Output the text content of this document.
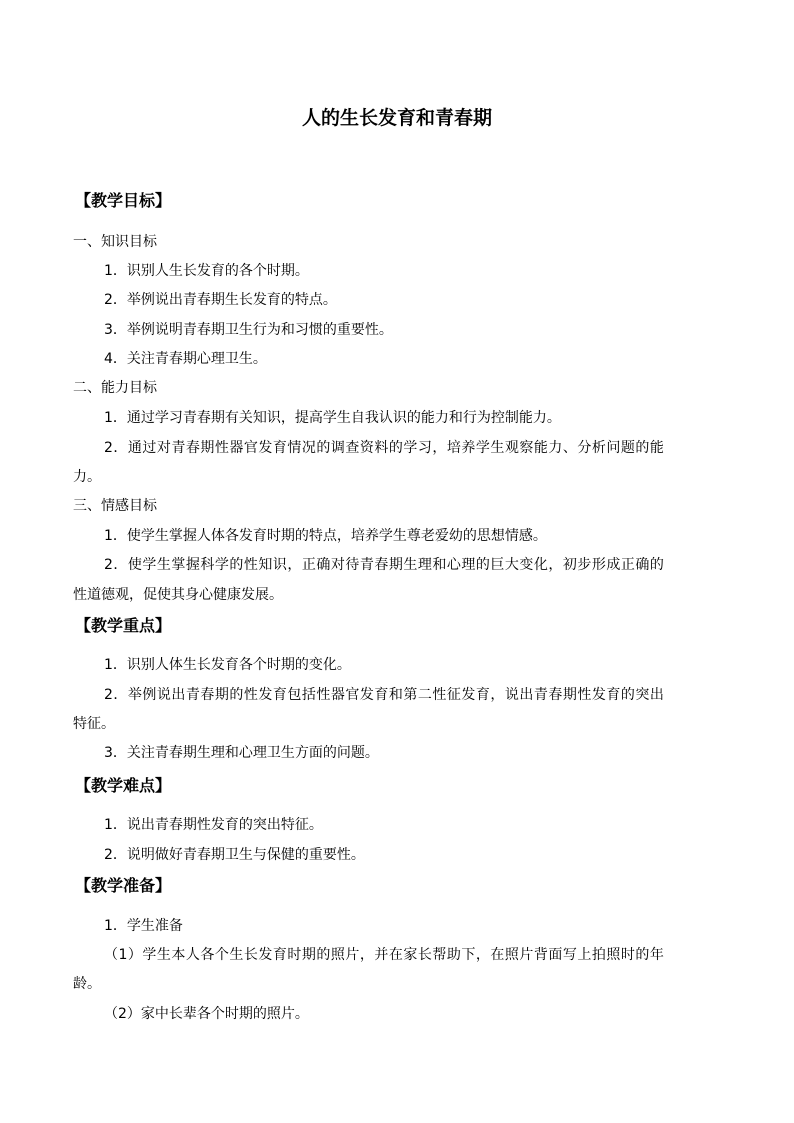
人的生长发育和青春期
【教学目标】
一、知识目标
1．识别人生长发育的各个时期。
2．举例说出青春期生长发育的特点。
3．举例说明青春期卫生行为和习惯的重要性。
4．关注青春期心理卫生。
二、能力目标
1．通过学习青春期有关知识，提高学生自我认识的能力和行为控制能力。
2．通过对青春期性器官发育情况的调查资料的学习，培养学生观察能力、分析问题的能
力。
三、情感目标
1．使学生掌握人体各发育时期的特点，培养学生尊老爱幼的思想情感。
2．使学生掌握科学的性知识，正确对待青春期生理和心理的巨大变化，初步形成正确的
性道德观，促使其身心健康发展。
【教学重点】
1．识别人体生长发育各个时期的变化。
2．举例说出青春期的性发育包括性器官发育和第二性征发育，说出青春期性发育的突出
特征。
3．关注青春期生理和心理卫生方面的问题。
【教学难点】
1．说出青春期性发育的突出特征。
2．说明做好青春期卫生与保健的重要性。
【教学准备】
1．学生准备
（1）学生本人各个生长发育时期的照片，并在家长帮助下，在照片背面写上拍照时的年
龄。
（2）家中长辈各个时期的照片。
